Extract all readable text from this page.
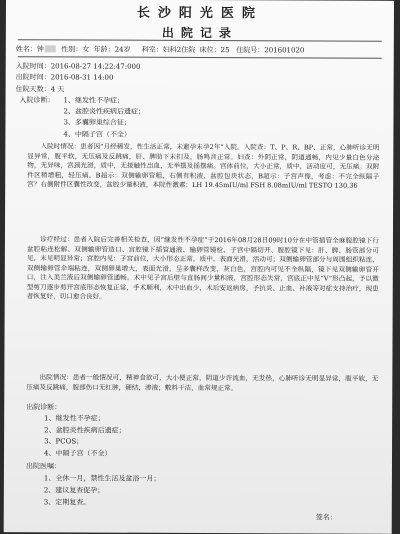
长沙阳光医院
出院记录
姓名：钟 性别：女 年龄：24岁 科室：妇科2住院 床位：25 住院号：201601020
入院时间：2016-08-27 14:22:47:000
出院时间：2016-08-31 14:00
住院天数：4 天
入院诊断： 1、继发性不孕症；
2、盆腔炎性疾病后遗症；
3、多囊卵巢综合征；
4、中隔子宫（不全）
入院时情况：患者因“月经稀发，性生活正常，未避孕未孕2年”入院。入院查：T、P、R、BP、正常，心肺听诊无明显异常，腹平软，无压痛及反跳痛，肝、脾肋下未扪及，肠鸣音正常。妇查：外阴正常，阴道通畅，内见少量白色分泌物，无异味，宫颈光滑，质中，无接触性出血，无举摆及摇摆痛。宫体前位，大小正常，质中，活动度可，无压痛。双附件区稍增粗，轻压痛。B超示：双侧输卵管粗，右侧有积液，盆腔包块状态，B超示：子宫声像，考虑：不完全纵隔子宫？右侧附件区囊性改变，盆腔少量积液，本院性激素：LH 19.45mIU/ml FSH 8.08mIU/ml TESTO 130.36
诊疗经过：患者入院后完善相关检查，因“继发性不孕症”于2016年08月28日09时10分在中管插管全麻腹腔镜下行盆腔粘连松解、双侧输卵管造口、宫腔镜下插管通液、输卵管镜检、子宫中隔切开、腹腔镜下见：肝、脾、肠管部分可见，未见明显异常；宫腔内见：子宫前位，大小形态正常，质中，表面光滑，活动可；双侧输卵管部分与周围组织粘连，双侧输卵管伞端粘连，双侧卵巢增大，表面光滑，呈多囊样改变，灰白色，宫腔内可见不全纵隔，镜下见双侧输卵管开口，注入美兰液后双侧输卵管通畅。术中见子宫后壁与直肠间少量积液，宫腔形态失常，宫底正中见“V”形凸起，予以微型剪刀逐步剪开宫底形态恢复正常，手术顺利，术中出血少，术后安返病房，予抗炎、止血、补液等对症支持治疗，现患者恢复好，切口愈合良好。
出院情况：患者一般情况可，精神食欲可，大小便正常，阴道少许流血，无发热，心肺听诊无明显异常，腹平软，无压痛及反跳痛，腹部伤口无红肿，硬结，渗液；敷料干洁，血常规正常。
出院诊断：
1、继发性不孕症；
2、盆腔炎性疾病后遗症；
3、PCOS；
4、中隔子宫（不全）
出院医嘱：
1、全休一月，禁性生活及盆浴一月；
2、建议复查促孕；
3、定期复查。
签名：
